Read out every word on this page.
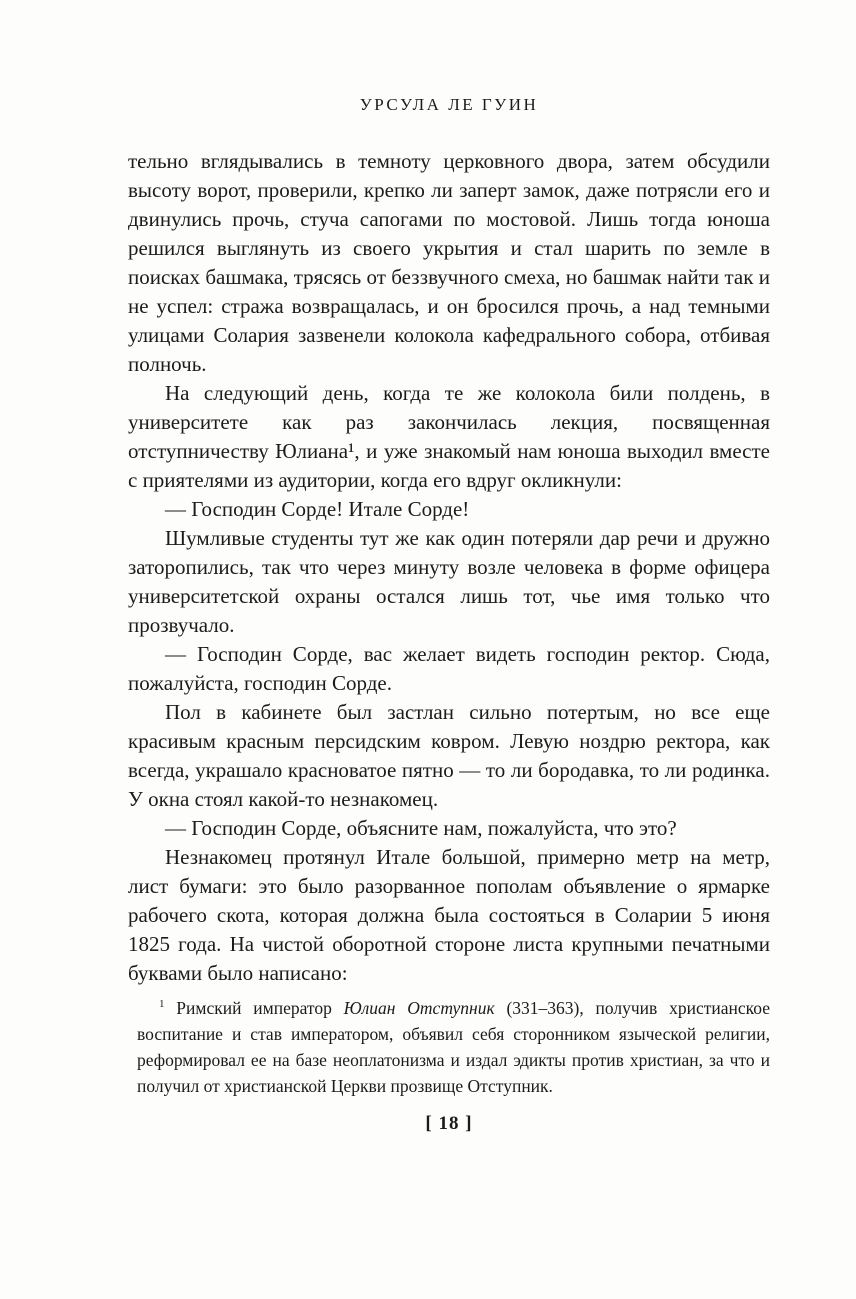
УРСУЛА ЛЕ ГУИН

тельно вглядывались в темноту церковного двора, затем обсудили высоту ворот, проверили, крепко ли заперт замок, даже потрясли его и двинулись прочь, стуча сапогами по мостовой. Лишь тогда юноша решился выглянуть из своего укрытия и стал шарить по земле в поисках башмака, трясясь от беззвучного смеха, но башмак найти так и не успел: стража возвращалась, и он бросился прочь, а над темными улицами Солария зазвенели колокола кафедрального собора, отбивая полночь.

На следующий день, когда те же колокола били полдень, в университете как раз закончилась лекция, посвященная отступничеству Юлиана¹, и уже знакомый нам юноша выходил вместе с приятелями из аудитории, когда его вдруг окликнули:

— Господин Сорде! Итале Сорде!

Шумливые студенты тут же как один потеряли дар речи и дружно заторопились, так что через минуту возле человека в форме офицера университетской охраны остался лишь тот, чье имя только что прозвучало.

— Господин Сорде, вас желает видеть господин ректор. Сюда, пожалуйста, господин Сорде.

Пол в кабинете был застлан сильно потертым, но все еще красивым красным персидским ковром. Левую ноздрю ректора, как всегда, украшало красноватое пятно — то ли бородавка, то ли родинка. У окна стоял какой-то незнакомец.

— Господин Сорде, объясните нам, пожалуйста, что это?

Незнакомец протянул Итале большой, примерно метр на метр, лист бумаги: это было разорванное пополам объявление о ярмарке рабочего скота, которая должна была состояться в Соларии 5 июня 1825 года. На чистой оборотной стороне листа крупными печатными буквами было написано:

$^1$ Римский император Юлиан Отступник (331–363), получив христианское воспитание и став императором, объявил себя сторонником языческой религии, реформировал ее на базе неоплатонизма и издал эдикты против христиан, за что и получил от христианской Церкви прозвище Отступник.

[ 18 ]
